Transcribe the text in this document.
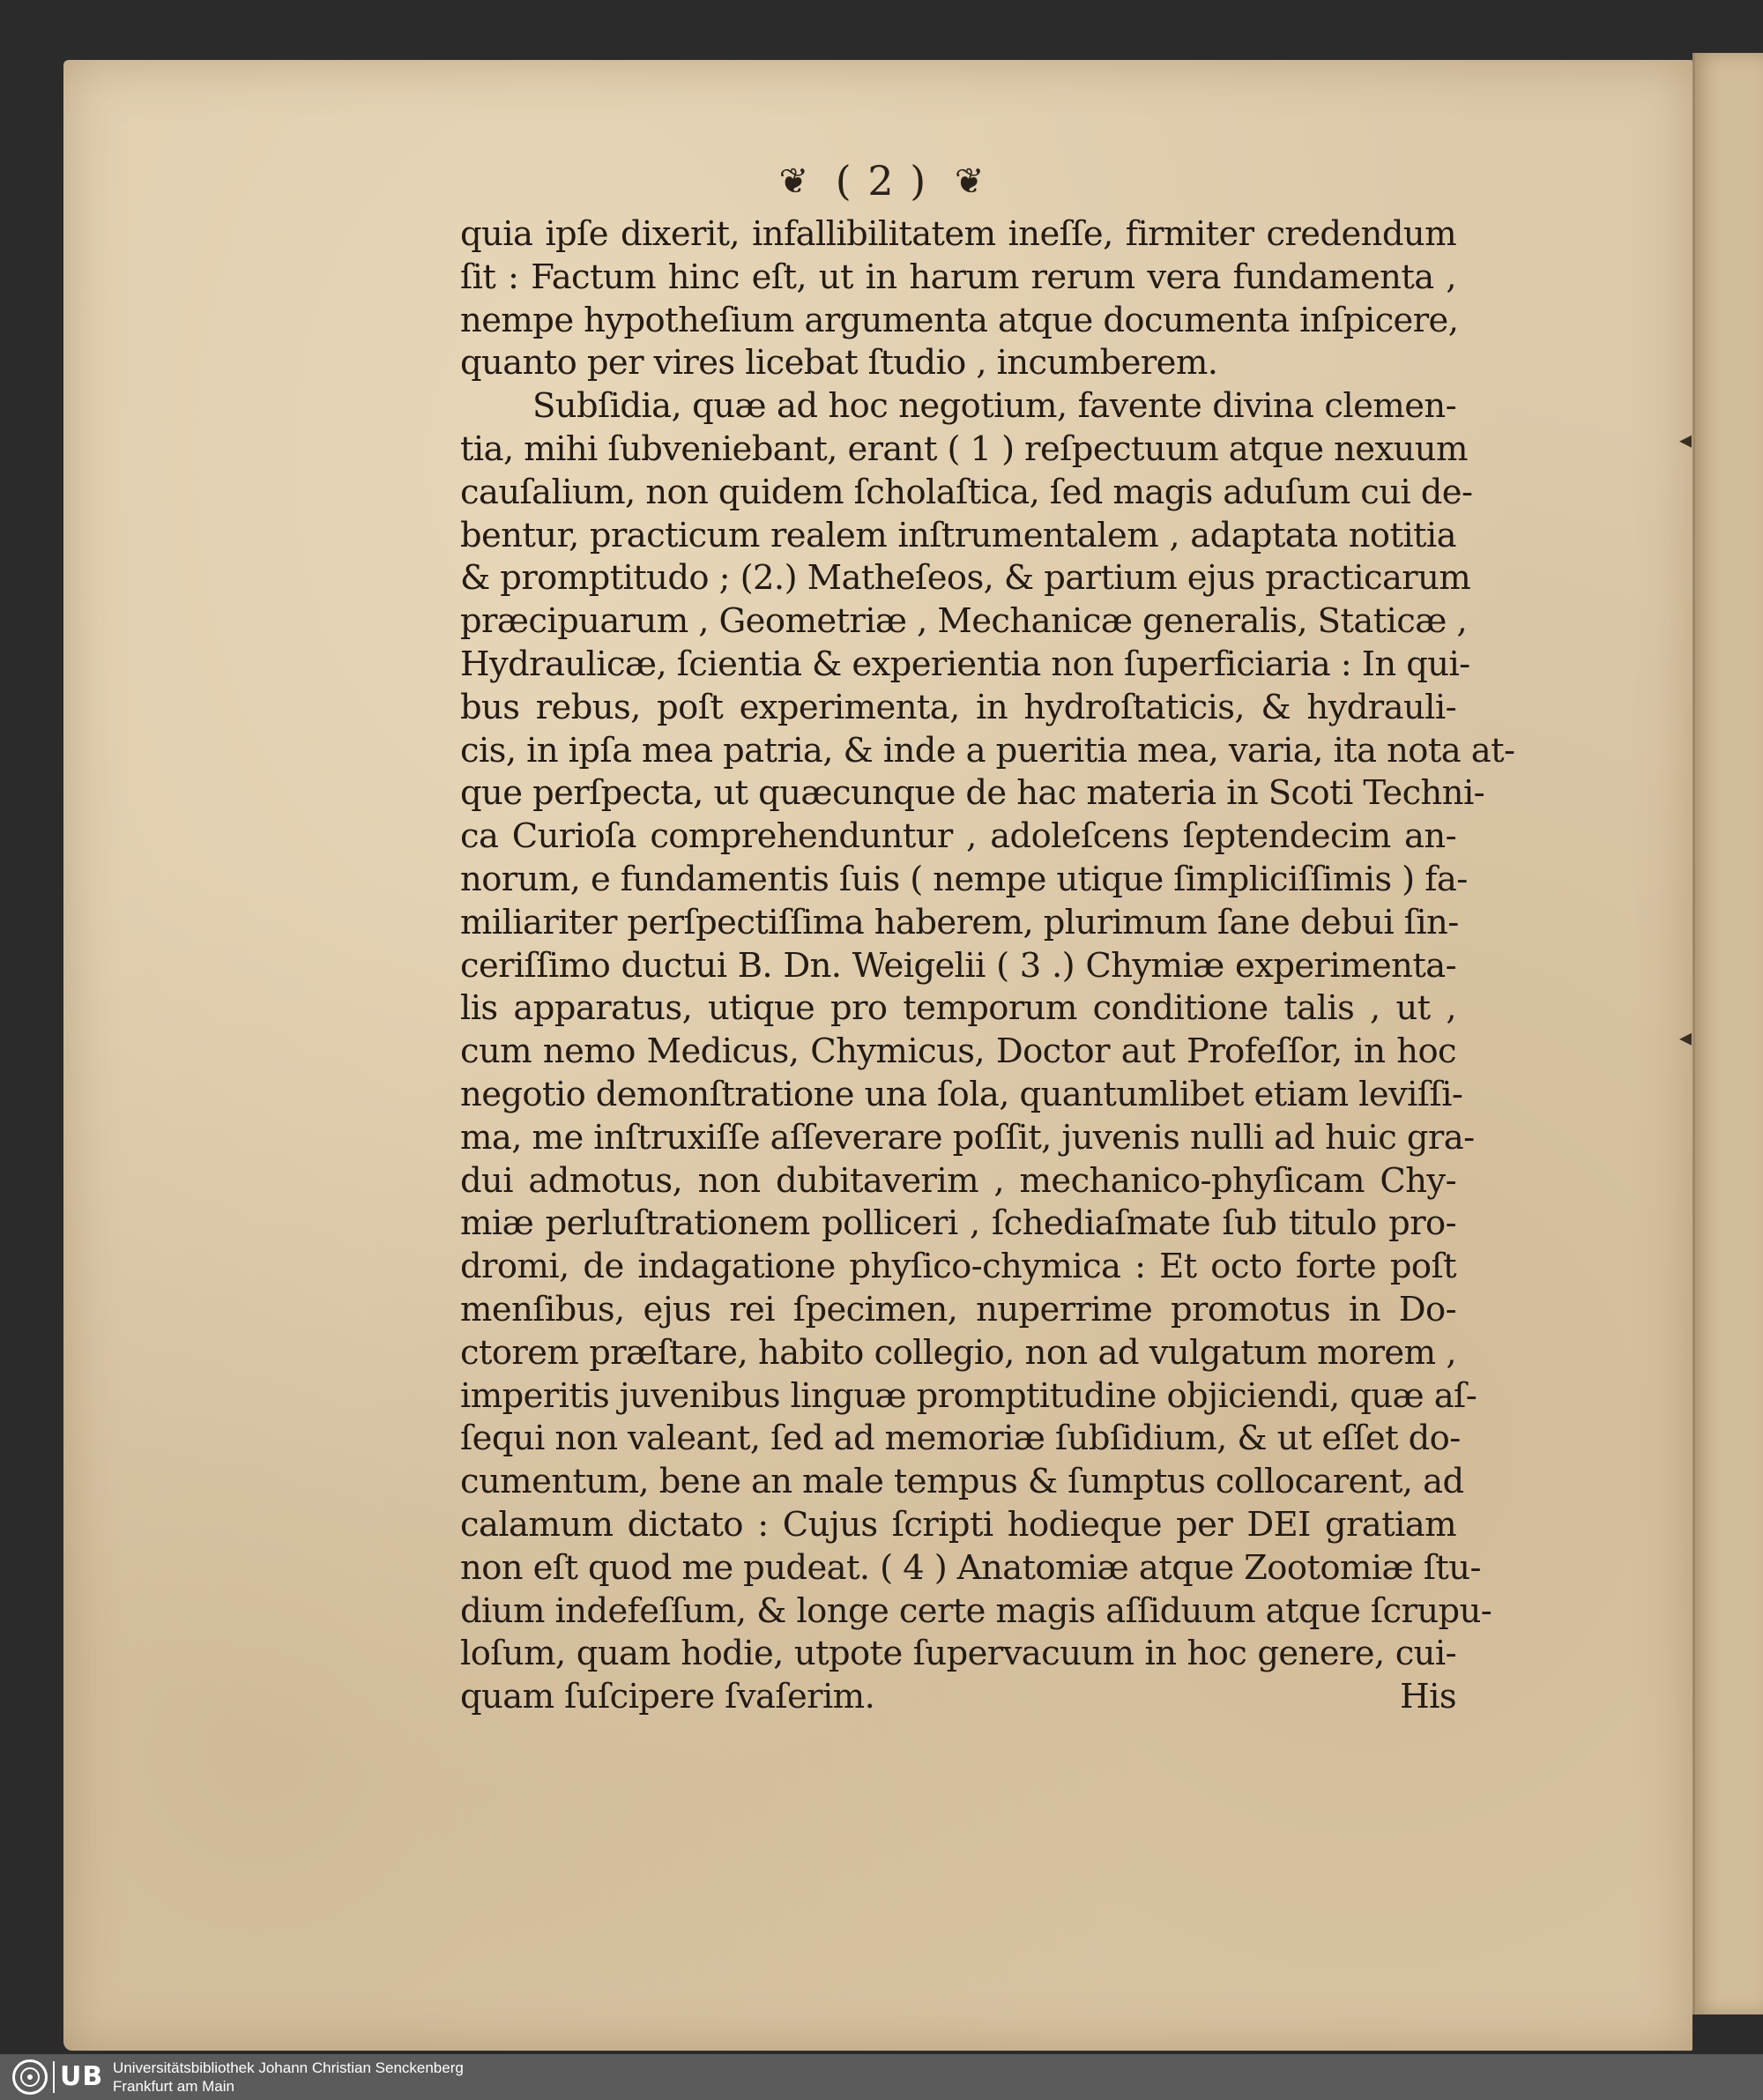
❦ ( 2 ) ❦
quia ipſe dixerit, infallibilitatem ineſſe, firmiter credendum
ſit : Factum hinc eſt, ut in harum rerum vera fundamenta ,
nempe hypotheſium argumenta atque documenta inſpicere,
quanto per vires licebat ſtudio , incumberem.
Subſidia, quæ ad hoc negotium, favente divina clemen-
tia, mihi ſubveniebant, erant ( 1 ) reſpectuum atque nexuum
cauſalium, non quidem ſcholaſtica, ſed magis aduſum cui de-
bentur, practicum realem inſtrumentalem , adaptata notitia
& promptitudo ; (2.) Matheſeos, & partium ejus practicarum
præcipuarum , Geometriæ , Mechanicæ generalis, Staticæ ,
Hydraulicæ, ſcientia & experientia non ſuperficiaria : In qui-
bus rebus, poſt experimenta, in hydroſtaticis, & hydrauli-
cis, in ipſa mea patria, & inde a pueritia mea, varia, ita nota at-
que perſpecta, ut quæcunque de hac materia in Scoti Techni-
ca Curioſa comprehenduntur , adoleſcens ſeptendecim an-
norum, e fundamentis ſuis ( nempe utique ſimpliciſſimis ) fa-
miliariter perſpectiſſima haberem, plurimum ſane debui ſin-
ceriſſimo ductui B. Dn. Weigelii ( 3 .) Chymiæ experimenta-
lis apparatus, utique pro temporum conditione talis , ut ,
cum nemo Medicus, Chymicus, Doctor aut Profeſſor, in hoc
negotio demonſtratione una ſola, quantumlibet etiam leviſſi-
ma, me inſtruxiſſe aſſeverare poſſit, juvenis nulli ad huic gra-
dui admotus, non dubitaverim , mechanico-phyſicam Chy-
miæ perluſtrationem polliceri , ſchediaſmate ſub titulo pro-
dromi, de indagatione phyſico-chymica : Et octo forte poſt
menſibus, ejus rei ſpecimen, nuperrime promotus in Do-
ctorem præſtare, habito collegio, non ad vulgatum morem ,
imperitis juvenibus linguæ promptitudine objiciendi, quæ aſ-
ſequi non valeant, ſed ad memoriæ ſubſidium, & ut eſſet do-
cumentum, bene an male tempus & ſumptus collocarent, ad
calamum dictato : Cujus ſcripti hodieque per DEI gratiam
non eſt quod me pudeat. ( 4 ) Anatomiæ atque Zootomiæ ſtu-
dium indefeſſum, & longe certe magis aſſiduum atque ſcrupu-
loſum, quam hodie, utpote ſupervacuum in hoc genere, cui-
quam ſuſcipere ſvaſerim.	His
◂
◂
UB Universitätsbibliothek Johann Christian Senckenberg
Frankfurt am Main
